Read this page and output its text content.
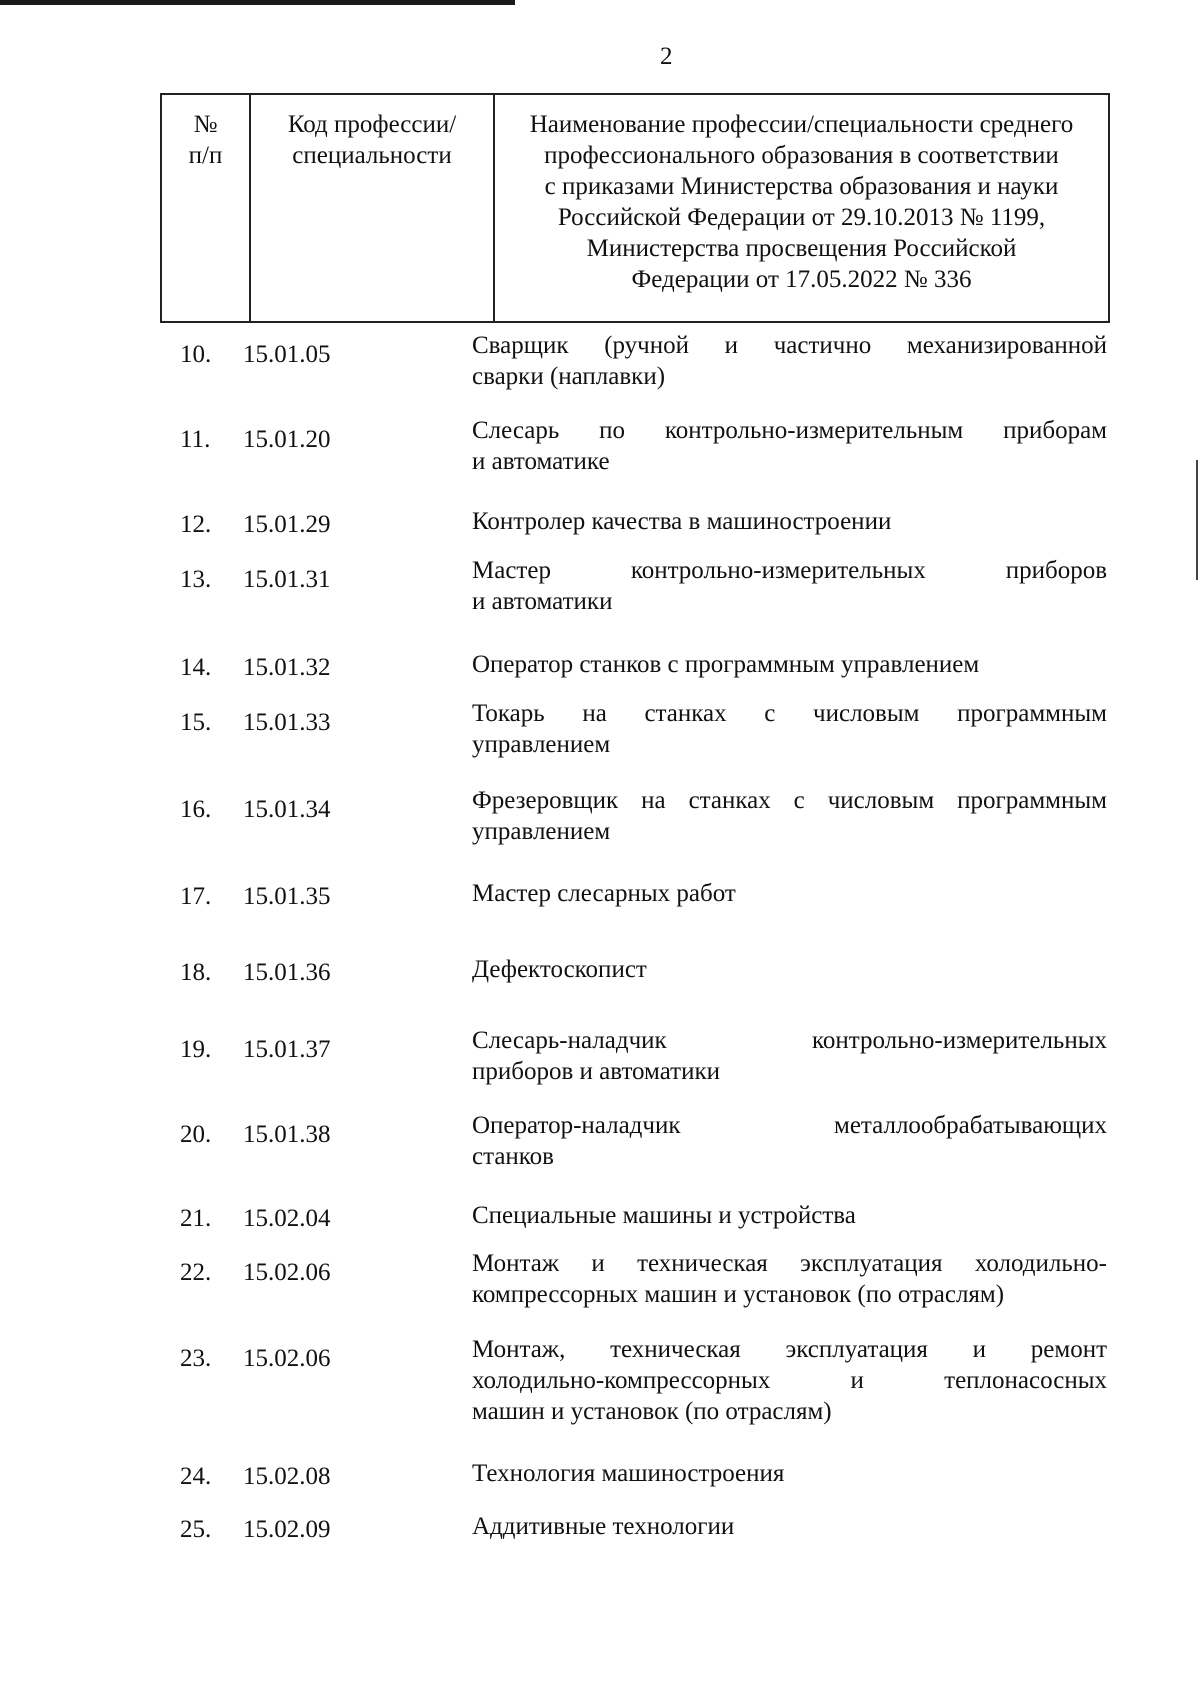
2
№
п/п

Код профессии/
специальности

Наименование профессии/специальности среднего
профессионального образования в соответствии
с приказами Министерства образования и науки
Российской Федерации от 29.10.2013 № 1199,
Министерства просвещения Российской
Федерации от 17.05.2022 № 336
10.	15.01.05	Сварщик (ручной и частично механизированной
сварки (наплавки)
11.	15.01.20	Слесарь по контрольно-измерительным приборам
и автоматике
12.	15.01.29	Контролер качества в машиностроении
13.	15.01.31	Мастер контрольно-измерительных приборов
и автоматики
14.	15.01.32	Оператор станков с программным управлением
15.	15.01.33	Токарь на станках с числовым программным
управлением
16.	15.01.34	Фрезеровщик на станках с числовым программным
управлением
17.	15.01.35	Мастер слесарных работ
18.	15.01.36	Дефектоскопист
19.	15.01.37	Слесарь-наладчик контрольно-измерительных
приборов и автоматики
20.	15.01.38	Оператор-наладчик металлообрабатывающих
станков
21.	15.02.04	Специальные машины и устройства
22.	15.02.06	Монтаж и техническая эксплуатация холодильно-
компрессорных машин и установок (по отраслям)
23.	15.02.06	Монтаж, техническая эксплуатация и ремонт
холодильно-компрессорных и теплонасосных
машин и установок (по отраслям)
24.	15.02.08	Технология машиностроения
25.	15.02.09	Аддитивные технологии
